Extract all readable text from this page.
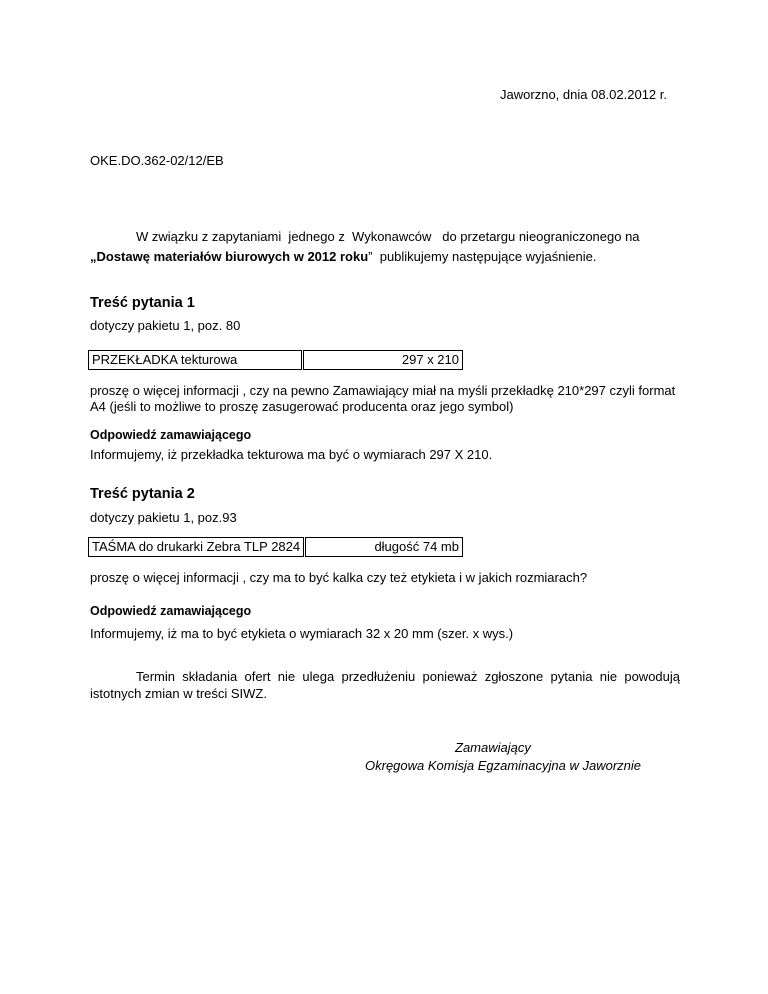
Jaworzno, dnia 08.02.2012 r.
OKE.DO.362-02/12/EB
W związku z zapytaniami  jednego z  Wykonawców   do przetargu nieograniczonego na
„Dostawę materiałów biurowych w 2012 roku”  publikujemy następujące wyjaśnienie.
Treść pytania 1
dotyczy pakietu 1, poz. 80
PRZEKŁADKA tekturowa	297 x 210
proszę o więcej informacji , czy na pewno Zamawiający miał na myśli przekładkę 210*297 czyli format A4 (jeśli to możliwe to proszę zasugerować producenta oraz jego symbol)
Odpowiedź zamawiającego
Informujemy, iż przekładka tekturowa ma być o wymiarach 297 X 210.
Treść pytania 2
dotyczy pakietu 1, poz.93
TAŚMA do drukarki Zebra TLP 2824	długość 74 mb
proszę o więcej informacji , czy ma to być kalka czy też etykieta i w jakich rozmiarach?
Odpowiedź zamawiającego
Informujemy, iż ma to być etykieta o wymiarach 32 x 20 mm (szer. x wys.)
Termin składania ofert nie ulega przedłużeniu ponieważ zgłoszone pytania nie powodują istotnych zmian w treści SIWZ.
Zamawiający
Okręgowa Komisja Egzaminacyjna w Jaworznie
